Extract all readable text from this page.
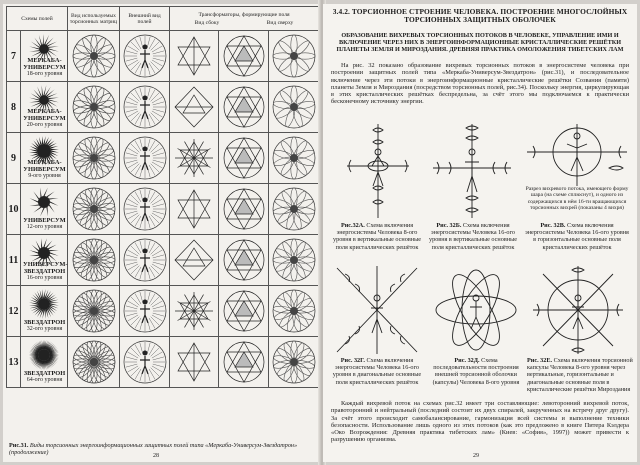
Схемы полей		Вид используемых торсионных матриц	Внешний вид полей	Трансформаторы, формирующие поля
Вид сбоку Вид сверху		

7	МЕРКАБА-УНИВЕРСУМ
18-ого уровня

8	МЕРКАБА-УНИВЕРСУМ
20-ого уровня

9	МЕРКАБА-УНИВЕРСУМ
9-ого уровня

10	УНИВЕРСУМ
12-ого уровня

11	УНИВЕРСУМ-ЗВЕЗДАТРОН
16-ого уровня

12	ЗВЕЗДАТРОН
32-ого уровня

13	ЗВЕЗДАТРОН
64-ого уровня

Рис.31. Виды торсионных энергоинформационных защитных полей типа «Меркаба-Универсум-Звездатрон» (продолжение)	28
3.4.2. ТОРСИОННОЕ СТРОЕНИЕ ЧЕЛОВЕКА. ПОСТРОЕНИЕ МНОГОСЛОЙНЫХ ТОРСИОННЫХ ЗАЩИТНЫХ ОБОЛОЧЕК
ОБРАЗОВАНИЕ ВИХРЕВЫХ ТОРСИОННЫХ ПОТОКОВ В ЧЕЛОВЕКЕ, УПРАВЛЕНИЕ ИМИ И ВКЛЮЧЕНИЕ ЧЕРЕЗ НИХ В ЭНЕРГОИНФОРМАЦИОННЫЕ КРИСТАЛЛИЧЕСКИЕ РЕШЁТКИ ПЛАНЕТЫ ЗЕМЛЯ И МИРОЗДАНИЯ. ДРЕВНЯЯ ПРАКТИКА ОМОЛОЖЕНИЯ ТИБЕТСКИХ ЛАМ
На рис. 32 показано образование вихревых торсионных потоков в энергосистеме человека при построении защитных полей типа «Меркаба-Универсум-Звездатрон» (рис.31), и последовательное включение через эти потоки в энергоинформационные кристаллические решётки Созвания (памяти) планеты Земля и Мироздания (посредством торсионных полей, рис.34). Поскольку энергия, циркулирующая в этих кристаллических решётках беспредельна, за счёт этого мы подключаемся к практически бесконечному источнику энергии.
Рис.32А. Схема включения энергосистемы Человека 8-ого уровня в вертикальные основные поля кристаллических решёток
Рис. 32Б. Схема включения энергосистемы Человека 16-ого уровня в вертикальные основные поля кристаллических решёток
Разрез вихревого потока, имеющего форму шара (на схеме сплюснут), и одного из содержащихся в нём 16-ти вращающихся торсионных вихрей (показаны 4 вихря)
Рис. 32В. Схема включения энергосистемы Человека 16-ого уровня в горизонтальные основные поля кристаллических решёток
Рис. 32Г. Схема включения энергосистемы Человека 16-ого уровня в диагональные основные поля кристаллических решёток
Рис. 32Д. Схема последовательности построения внешней торсионной оболочки (капсулы) Человека 8-ого уровня
Рис. 32Е. Схема включения торсионной капсулы Человека 8-ого уровня через вертикальные, горизонтальные и диагональные основные поля в кристаллические решётки Мироздания
Каждый вихревой поток на схемах рис.32 имеет три составляющие: левоторонний вихревой поток, правоторонний и нейтральный (последний состоит их двух спиралей, закрученных на встречу друг другу). За счёт этого происходит самобалансирование, гармонизация всей системы и выполнение техники безопасности. Использование лишь одного из этих потоков (как это предложено в книге Питера Кэлдера «Око Возрождения: Древняя практика тибетских лам» (Киев: «София», 1997)) может привести к разрушению организма.
29
